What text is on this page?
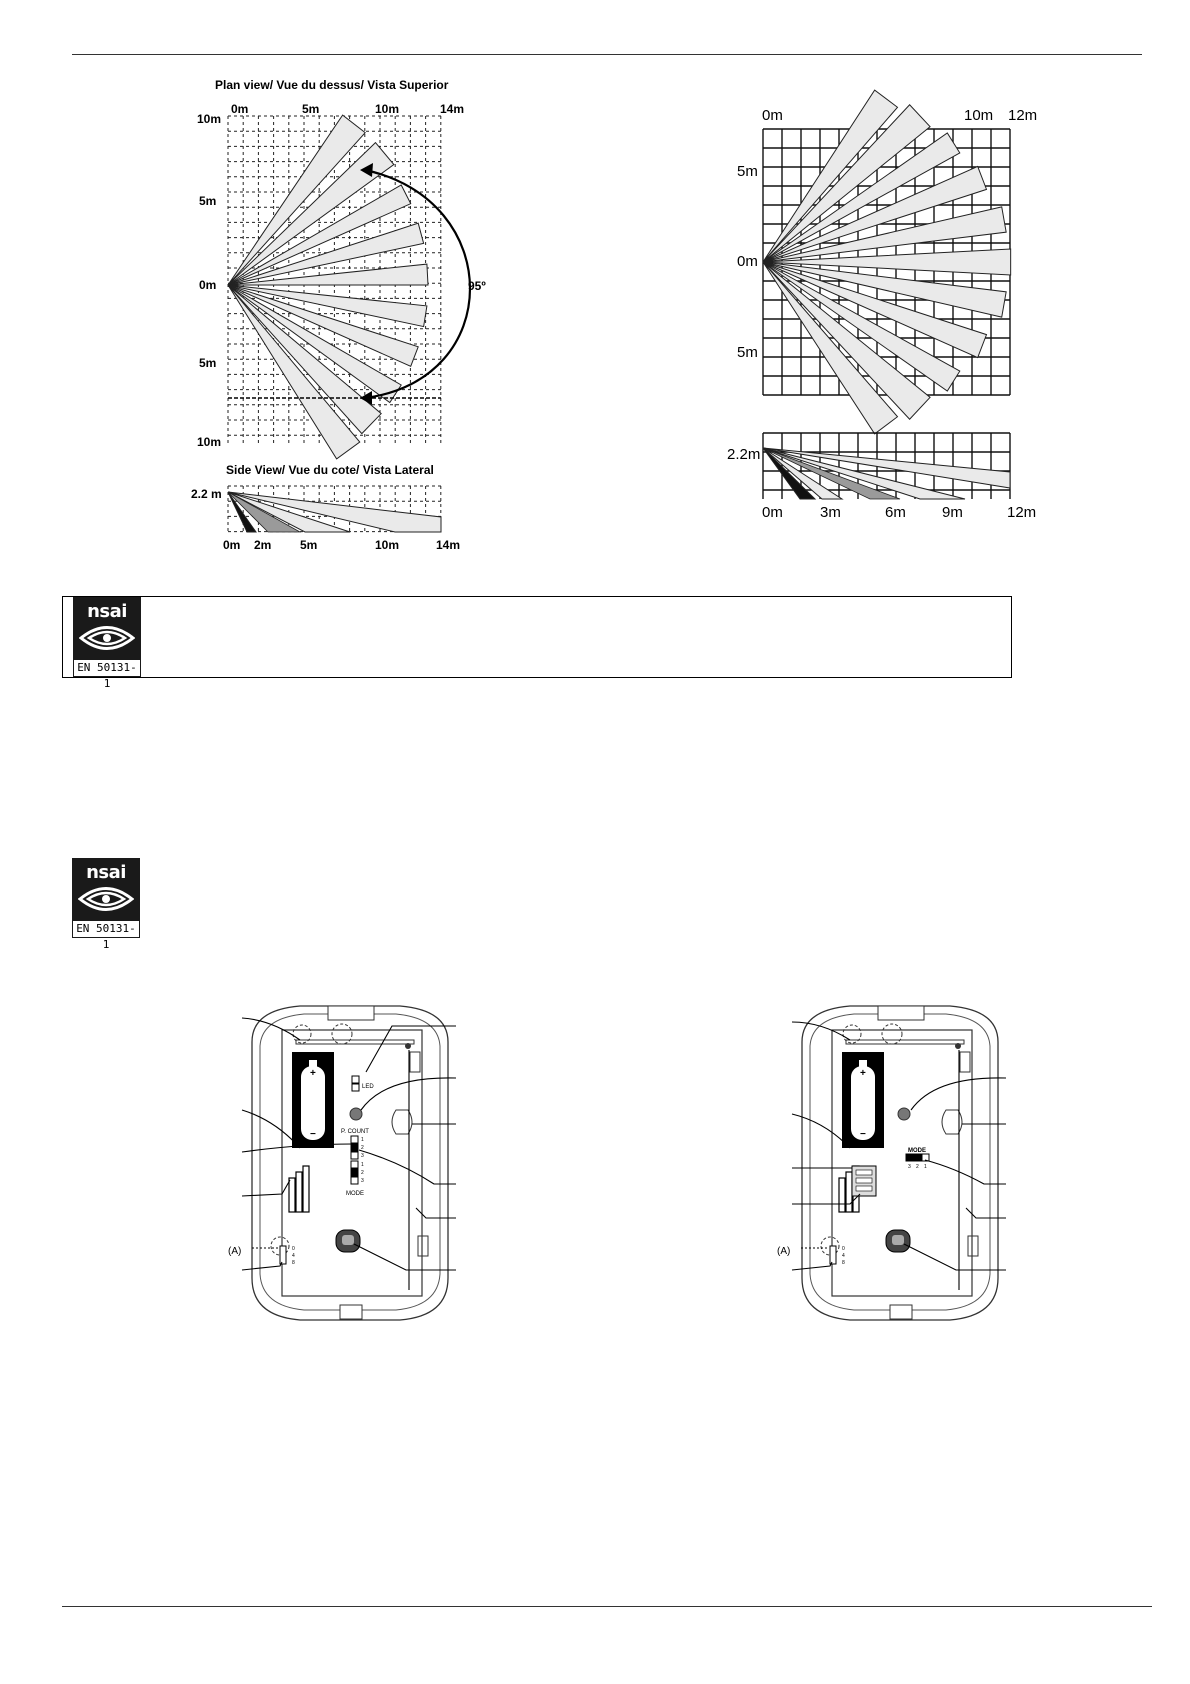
Plan view/ Vue du dessus/ Vista Superior
0m	5m	10m	14m
10m
5m
0m
5m
10m
95º
Side View/ Vue du cote/ Vista Lateral
2.2 m
0m 2m 5m	10m	14m
0m	10m 12m
5m
0m
5m
2.2m
0m 3m	6m 9m	12m
nsai
EN 50131-1
nsai
EN 50131-1
+
−
LED
P. COUNT
1
2
3
1
2
3
MODE
(A)	0
4
8
+
−
MODE
3 2 1
(A)	0
4
8
